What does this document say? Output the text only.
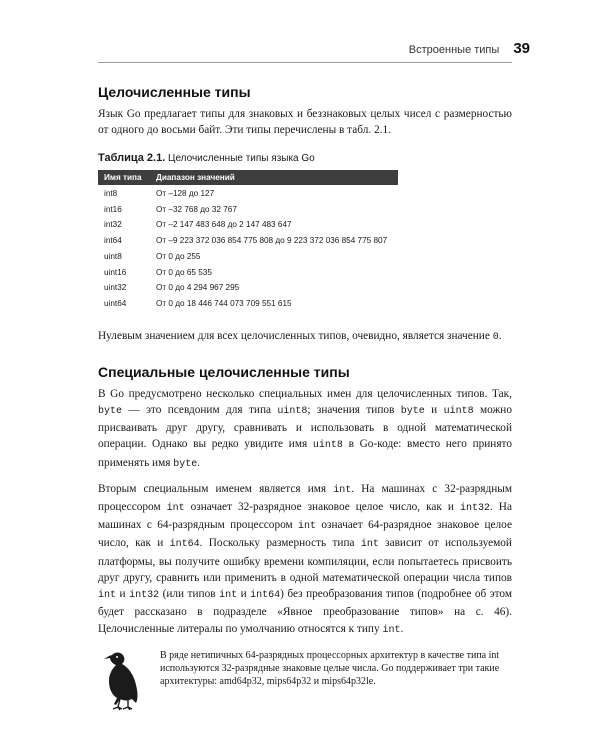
Встроенные типы 39
Целочисленные типы

Язык Go предлагает типы для знаковых и беззнаковых целых чисел с размерностью от одного до восьми байт. Эти типы перечислены в табл. 2.1.

Таблица 2.1. Целочисленные типы языка Go
Имя типа	Диапазон значений
int8	От –128 до 127
int16	От –32 768 до 32 767
int32	От –2 147 483 648 до 2 147 483 647
int64	От –9 223 372 036 854 775 808 до 9 223 372 036 854 775 807
uint8	От 0 до 255
uint16	От 0 до 65 535
uint32	От 0 до 4 294 967 295
uint64	От 0 до 18 446 744 073 709 551 615

Нулевым значением для всех целочисленных типов, очевидно, является значение 0.

Специальные целочисленные типы

В Go предусмотрено несколько специальных имен для целочисленных типов. Так, byte — это псевдоним для типа uint8; значения типов byte и uint8 можно присваивать друг другу, сравнивать и использовать в одной математической операции. Однако вы редко увидите имя uint8 в Go-коде: вместо него принято применять имя byte.

Вторым специальным именем является имя int. На машинах с 32-разрядным процессором int означает 32-разрядное знаковое целое число, как и int32. На машинах с 64-разрядным процессором int означает 64-разрядное знаковое целое число, как и int64. Поскольку размерность типа int зависит от используемой платформы, вы получите ошибку времени компиляции, если попытаетесь присвоить друг другу, сравнить или применить в одной математической операции числа типов int и int32 (или типов int и int64) без преобразования типов (подробнее об этом будет рассказано в подразделе «Явное преобразование типов» на с. 46). Целочисленные литералы по умолчанию относятся к типу int.

В ряде нетипичных 64-разрядных процессорных архитектур в качестве типа int используются 32-разрядные знаковые целые числа. Go поддерживает три такие архитектуры: amd64p32, mips64p32 и mips64p32le.
